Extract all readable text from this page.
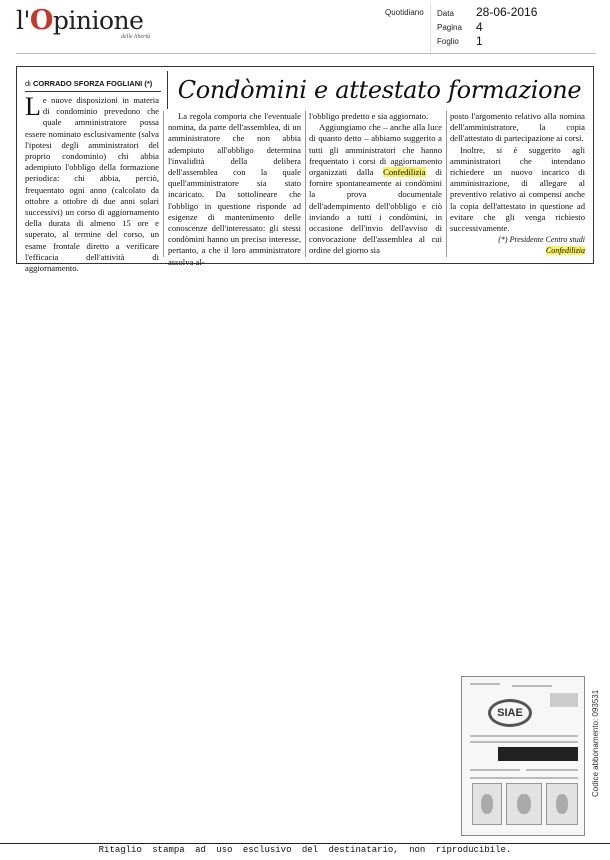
l'Opinione
delle libertà
Quotidiano Data 28-06-2016
Pagina 4
Foglio 1
di CORRADO SFORZA FOGLIANI (*)	Condòmini e attestato formazione

Le nuove disposizioni in materia di condominio prevedono che quale amministratore possa essere nominato esclusivamente (salva l'ipotesi degli amministratori del proprio condominio) chi abbia adempiuto l'obbligo della formazione periodica: chi abbia, perciò, frequentato ogni anno (calcolato da ottobre a ottobre di due anni solari successivi) un corso di aggiornamento della durata di almeno 15 ore e superato, al termine del corso, un esame frontale diretto a verificare l'efficacia dell'attività di aggiornamento.

La regola comporta che l'eventuale nomina, da parte dell'assemblea, di un amministratore che non abbia adempiuto all'obbligo determina l'invalidità della delibera dell'assemblea con la quale quell'amministratore sia stato incaricato. Da sottolineare che l'obbligo in questione risponde ad esigenze di mantenimento delle conoscenze dell'interessato: gli stessi condòmini hanno un preciso interesse, pertanto, a che il loro amministratore assolva al-

l'obbligo predetto e sia aggiornato.

Aggiungiamo che – anche alla luce di quanto detto – abbiamo suggerito a tutti gli amministratori che hanno frequentato i corsi di aggiornamento organizzati dalla Confedilizia di fornire spontaneamente ai condòmini la prova documentale dell'adempimento dell'obbligo e ciò inviando a tutti i condòmini, in occasione dell'invio dell'avviso di convocazione dell'assemblea al cui ordine del giorno sia

posto l'argomento relativo alla nomina dell'amministratore, la copia dell'attestato di partecipazione ai corsi.

Inoltre, si è suggerito agli amministratori che intendano richiedere un nuovo incarico di amministrazione, di allegare al preventivo relativo ai compensi anche la copia dell'attestato in questione ad evitare che gli venga richiesto successivamente.

(*) Presidente Centro studi Confedilizia

SIAE	Codice abbonamento: 093531
Ritaglio stampa ad uso esclusivo del destinatario, non riproducibile.
